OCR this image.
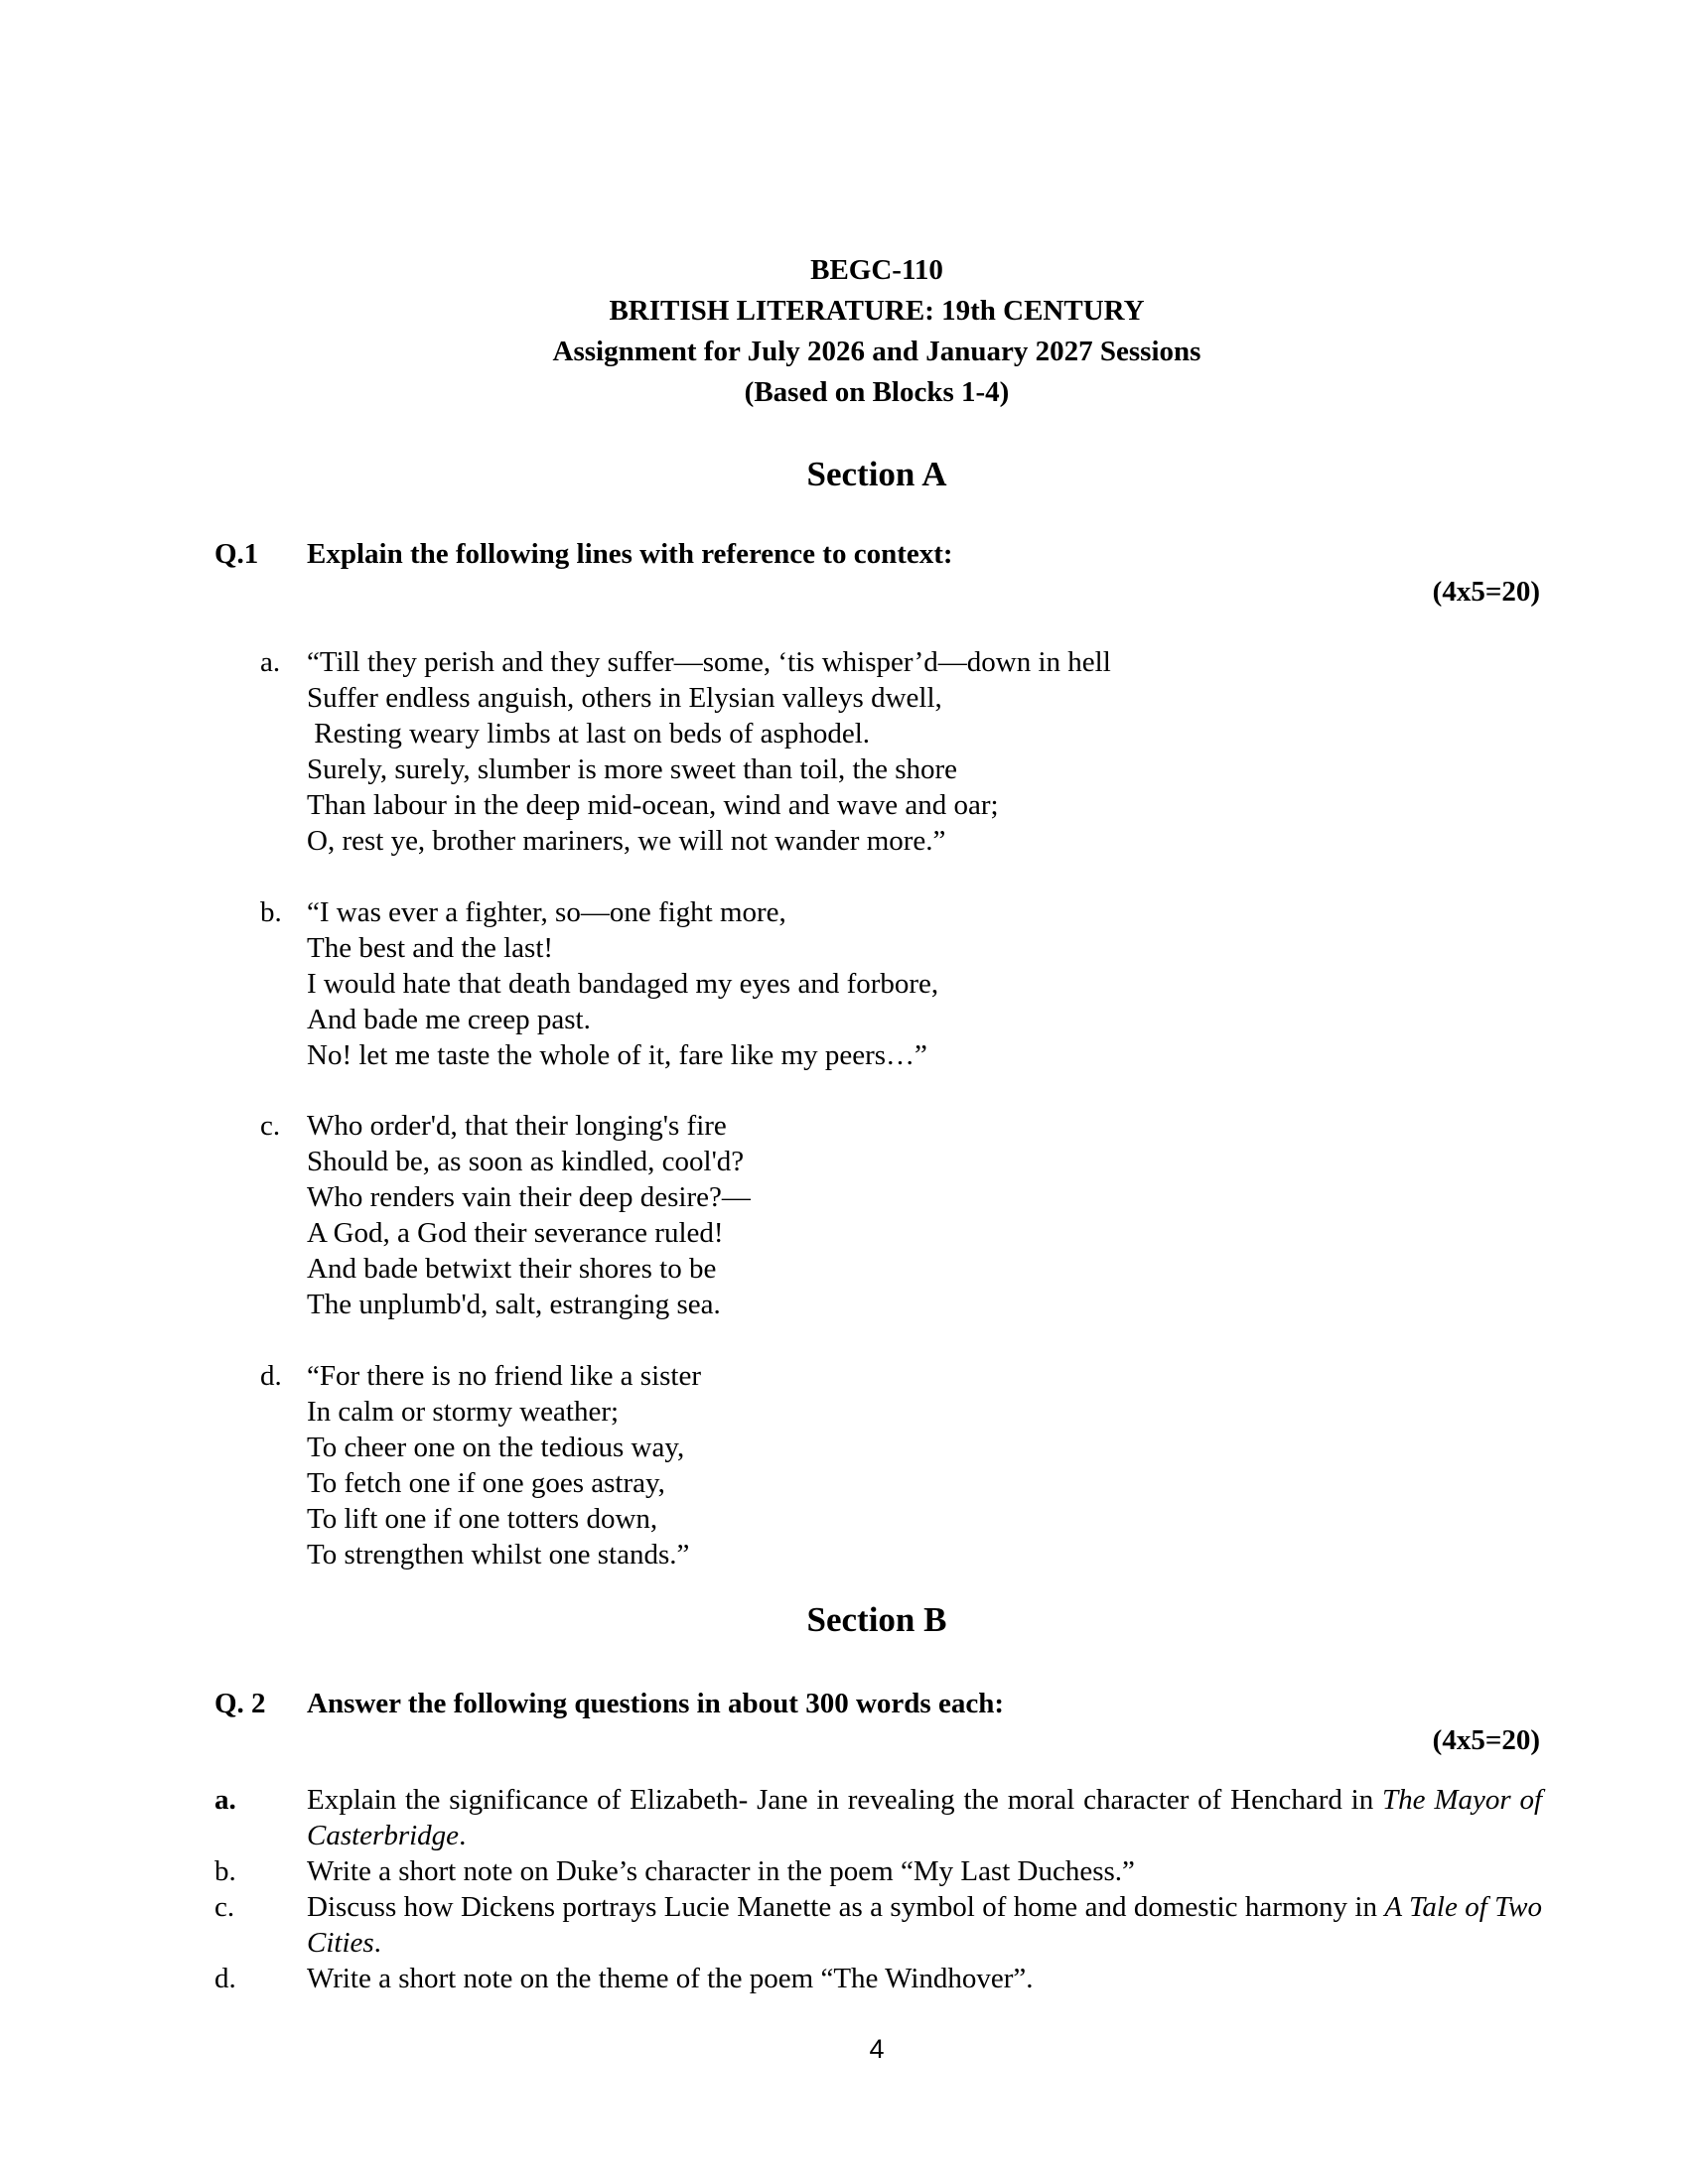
BEGC-110
BRITISH LITERATURE: 19th CENTURY
Assignment for July 2026 and January 2027 Sessions
(Based on Blocks 1-4)
Section A
Q.1 Explain the following lines with reference to context:
(4x5=20)
a. “Till they perish and they suffer—some, ‘tis whisper’d—down in hell
Suffer endless anguish, others in Elysian valleys dwell,
Resting weary limbs at last on beds of asphodel.
Surely, surely, slumber is more sweet than toil, the shore
Than labour in the deep mid-ocean, wind and wave and oar;
O, rest ye, brother mariners, we will not wander more.”
b. “I was ever a fighter, so—one fight more,
The best and the last!
I would hate that death bandaged my eyes and forbore,
And bade me creep past.
No! let me taste the whole of it, fare like my peers…”
c. Who order'd, that their longing's fire
Should be, as soon as kindled, cool'd?
Who renders vain their deep desire?—
A God, a God their severance ruled!
And bade betwixt their shores to be
The unplumb'd, salt, estranging sea.
d. “For there is no friend like a sister
In calm or stormy weather;
To cheer one on the tedious way,
To fetch one if one goes astray,
To lift one if one totters down,
To strengthen whilst one stands.”
Section B
Q. 2 Answer the following questions in about 300 words each:
(4x5=20)
a. Explain the significance of Elizabeth- Jane in revealing the moral character of Henchard in The Mayor of Casterbridge.
b. Write a short note on Duke’s character in the poem “My Last Duchess.”
c.	Discuss how Dickens portrays Lucie Manette as a symbol of home and domestic harmony in A Tale of Two Cities.
d. Write a short note on the theme of the poem “The Windhover”.
4
